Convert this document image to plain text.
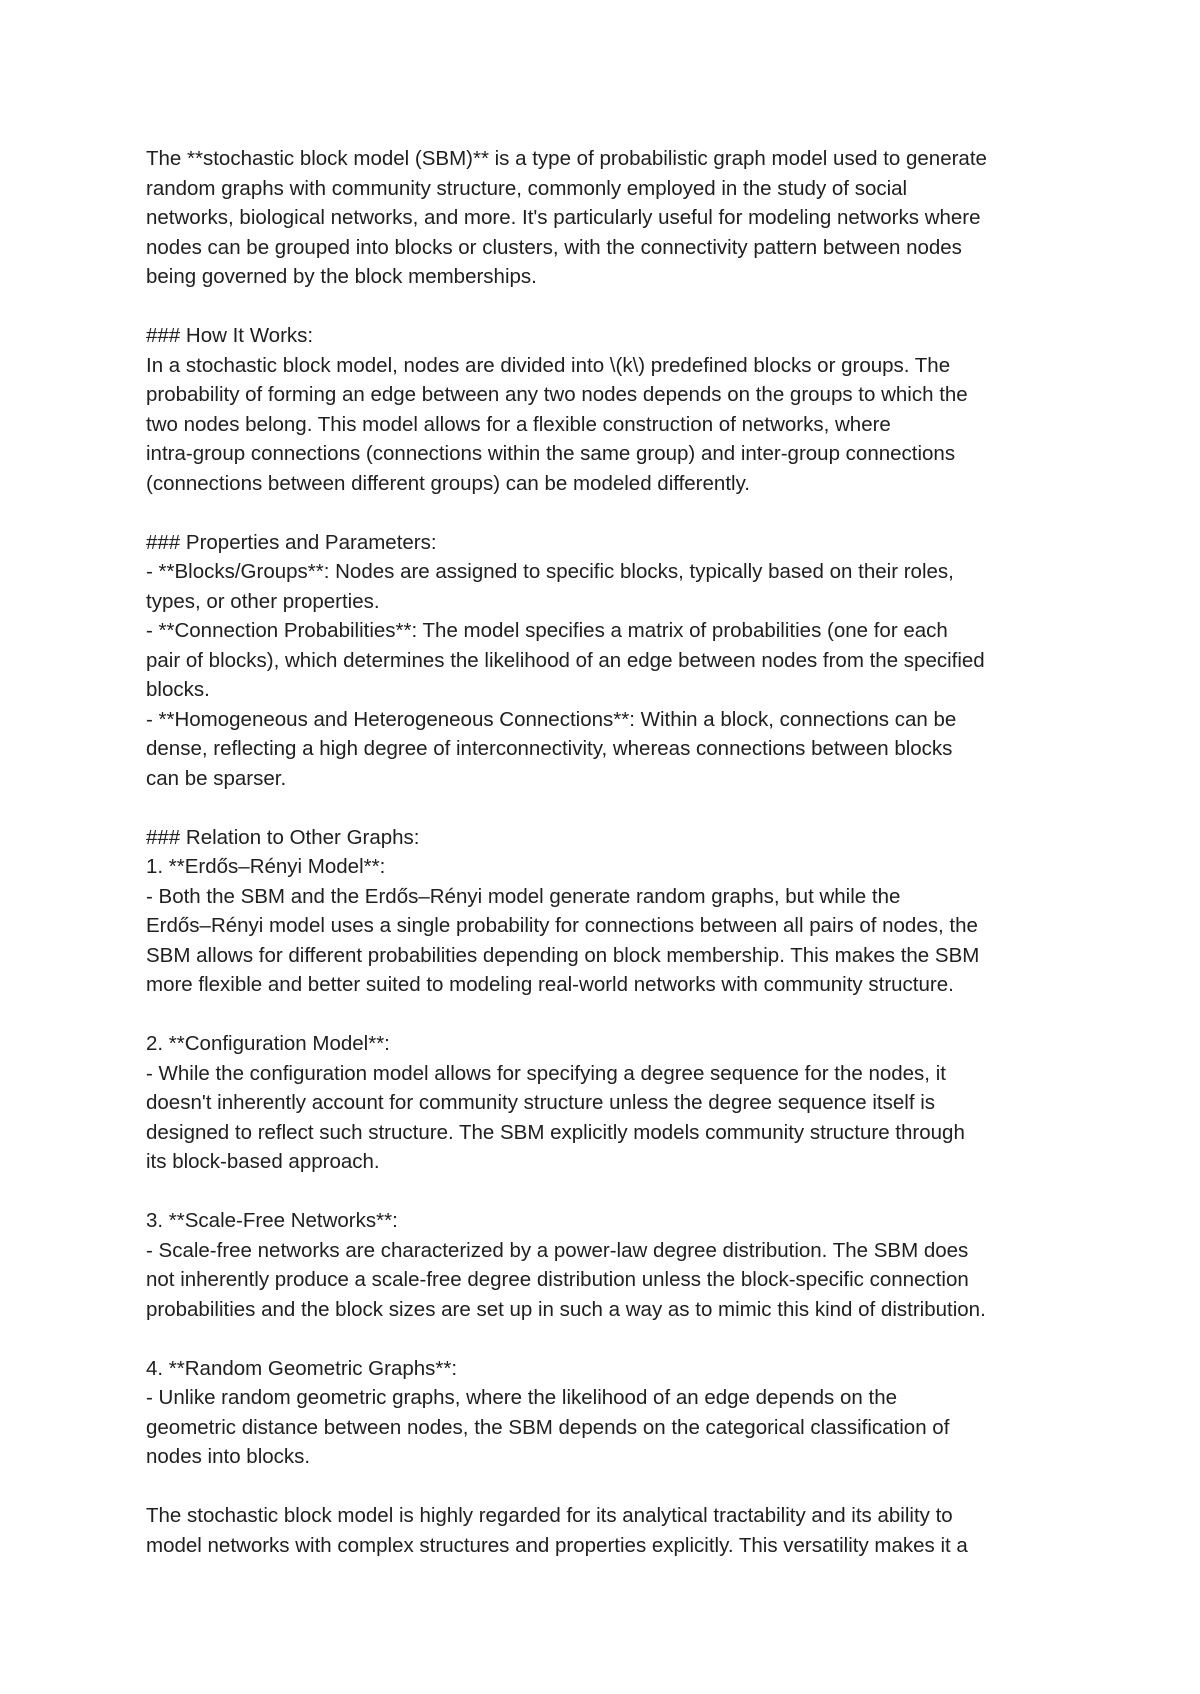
The **stochastic block model (SBM)** is a type of probabilistic graph model used to generate
random graphs with community structure, commonly employed in the study of social
networks, biological networks, and more. It's particularly useful for modeling networks where
nodes can be grouped into blocks or clusters, with the connectivity pattern between nodes
being governed by the block memberships.

### How It Works:
In a stochastic block model, nodes are divided into \(k\) predefined blocks or groups. The
probability of forming an edge between any two nodes depends on the groups to which the
two nodes belong. This model allows for a flexible construction of networks, where
intra-group connections (connections within the same group) and inter-group connections
(connections between different groups) can be modeled differently.

### Properties and Parameters:
- **Blocks/Groups**: Nodes are assigned to specific blocks, typically based on their roles,
types, or other properties.
- **Connection Probabilities**: The model specifies a matrix of probabilities (one for each
pair of blocks), which determines the likelihood of an edge between nodes from the specified
blocks.
- **Homogeneous and Heterogeneous Connections**: Within a block, connections can be
dense, reflecting a high degree of interconnectivity, whereas connections between blocks
can be sparser.

### Relation to Other Graphs:
1. **Erdős–Rényi Model**:
- Both the SBM and the Erdős–Rényi model generate random graphs, but while the
Erdős–Rényi model uses a single probability for connections between all pairs of nodes, the
SBM allows for different probabilities depending on block membership. This makes the SBM
more flexible and better suited to modeling real-world networks with community structure.

2. **Configuration Model**:
- While the configuration model allows for specifying a degree sequence for the nodes, it
doesn't inherently account for community structure unless the degree sequence itself is
designed to reflect such structure. The SBM explicitly models community structure through
its block-based approach.

3. **Scale-Free Networks**:
- Scale-free networks are characterized by a power-law degree distribution. The SBM does
not inherently produce a scale-free degree distribution unless the block-specific connection
probabilities and the block sizes are set up in such a way as to mimic this kind of distribution.

4. **Random Geometric Graphs**:
- Unlike random geometric graphs, where the likelihood of an edge depends on the
geometric distance between nodes, the SBM depends on the categorical classification of
nodes into blocks.

The stochastic block model is highly regarded for its analytical tractability and its ability to
model networks with complex structures and properties explicitly. This versatility makes it a
